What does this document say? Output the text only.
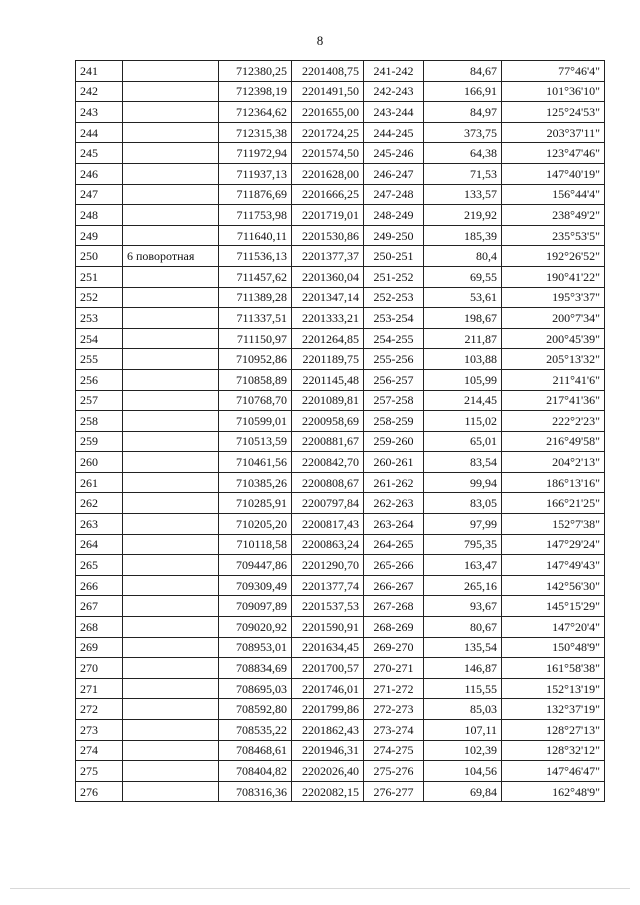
8
241		712380,25	2201408,75	241-242	84,67	77°46'4"
242		712398,19	2201491,50	242-243	166,91	101°36'10"
243		712364,62	2201655,00	243-244	84,97	125°24'53"
244		712315,38	2201724,25	244-245	373,75	203°37'11"
245		711972,94	2201574,50	245-246	64,38	123°47'46"
246		711937,13	2201628,00	246-247	71,53	147°40'19"
247		711876,69	2201666,25	247-248	133,57	156°44'4"
248		711753,98	2201719,01	248-249	219,92	238°49'2"
249		711640,11	2201530,86	249-250	185,39	235°53'5"
250	6 поворотная	711536,13	2201377,37	250-251	80,4	192°26'52"
251		711457,62	2201360,04	251-252	69,55	190°41'22"
252		711389,28	2201347,14	252-253	53,61	195°3'37"
253		711337,51	2201333,21	253-254	198,67	200°7'34"
254		711150,97	2201264,85	254-255	211,87	200°45'39"
255		710952,86	2201189,75	255-256	103,88	205°13'32"
256		710858,89	2201145,48	256-257	105,99	211°41'6"
257		710768,70	2201089,81	257-258	214,45	217°41'36"
258		710599,01	2200958,69	258-259	115,02	222°2'23"
259		710513,59	2200881,67	259-260	65,01	216°49'58"
260		710461,56	2200842,70	260-261	83,54	204°2'13"
261		710385,26	2200808,67	261-262	99,94	186°13'16"
262		710285,91	2200797,84	262-263	83,05	166°21'25"
263		710205,20	2200817,43	263-264	97,99	152°7'38"
264		710118,58	2200863,24	264-265	795,35	147°29'24"
265		709447,86	2201290,70	265-266	163,47	147°49'43"
266		709309,49	2201377,74	266-267	265,16	142°56'30"
267		709097,89	2201537,53	267-268	93,67	145°15'29"
268		709020,92	2201590,91	268-269	80,67	147°20'4"
269		708953,01	2201634,45	269-270	135,54	150°48'9"
270		708834,69	2201700,57	270-271	146,87	161°58'38"
271		708695,03	2201746,01	271-272	115,55	152°13'19"
272		708592,80	2201799,86	272-273	85,03	132°37'19"
273		708535,22	2201862,43	273-274	107,11	128°27'13"
274		708468,61	2201946,31	274-275	102,39	128°32'12"
275		708404,82	2202026,40	275-276	104,56	147°46'47"
276		708316,36	2202082,15	276-277	69,84	162°48'9"
